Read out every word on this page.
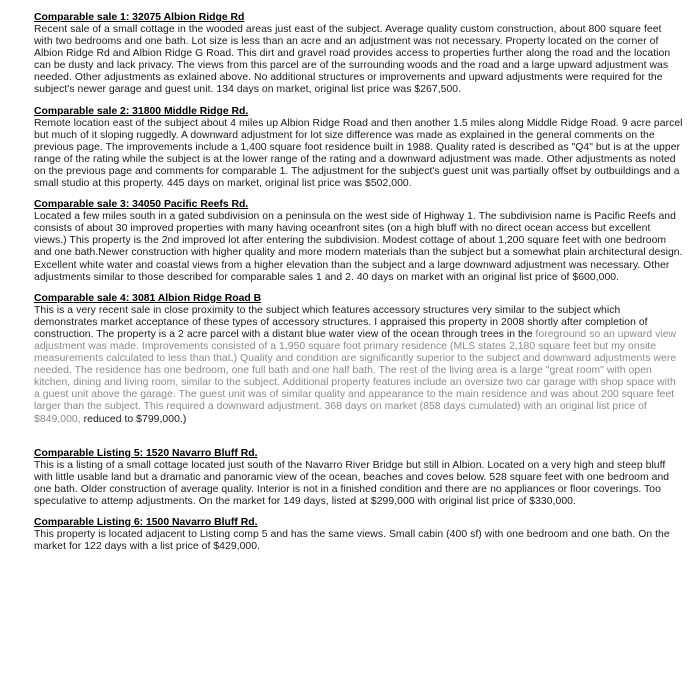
Comparable sale 1: 32075 Albion Ridge Rd

Recent sale of a small cottage in the wooded areas just east of the subject. Average quality custom construction, about 800 square feet with two bedrooms and one bath. Lot size is less than an acre and an adjustment was not necessary. Property located on the corner of Albion Ridge Rd and Albion Ridge G Road. This dirt and gravel road provides access to properties further along the road and the location can be dusty and lack privacy. The views from this parcel are of the surrounding woods and the road and a large upward adjustment was needed. Other adjustments as exlained above. No additional structures or improvements and upward adjustments were required for the subject's newer garage and guest unit. 134 days on market, original list price was $267,500.

Comparable sale 2: 31800 Middle Ridge Rd.

Remote location east of the subject about 4 miles up Albion Ridge Road and then another 1.5 miles along Middle Ridge Road. 9 acre parcel but much of it sloping ruggedly. A downward adjustment for lot size difference was made as explained in the general comments on the previous page. The improvements include a 1,400 square foot residence built in 1988. Quality rated is described as "Q4" but is at the upper range of the rating while the subject is at the lower range of the rating and a downward adjustment was made. Other adjustments as noted on the previous page and comments for comparable 1. The adjustment for the subject's guest unit was partially offset by outbuildings and a small studio at this property. 445 days on market, original list price was $502,000.

Comparable sale 3: 34050 Pacific Reefs Rd.

Located a few miles south in a gated subdivision on a peninsula on the west side of Highway 1. The subdivision name is Pacific Reefs and consists of about 30 improved properties with many having oceanfront sites (on a high bluff with no direct ocean access but excellent views.) This property is the 2nd improved lot after entering the subdivision. Modest cottage of about 1,200 square feet with one bedroom and one bath.Newer construction with higher quality and more modern materials than the subject but a somewhat plain architectural design. Excellent white water and coastal views from a higher elevation than the subject and a large downward adjustment was necessary. Other adjustments similar to those described for comparable sales 1 and 2. 40 days on market with an original list price of $600,000.

Comparable sale 4: 3081 Albion Ridge Road B

This is a very recent sale in close proximity to the subject which features accessory structures very similar to the subject which demonstrates market acceptance of these types of accessory structures. I appraised this property in 2008 shortly after completion of construction. The property is a 2 acre parcel with a distant blue water view of the ocean through trees in the foreground so an upward view adjustment was made. Improvements consisted of a 1,950 square foot primary residence (MLS states 2,180 square feet but my onsite measurements calculated to less than that.) Quality and condition are significantly superior to the subject and downward adjustments were needed. The residence has one bedroom, one full bath and one half bath. The rest of the living area is a large "great room" with open kitchen, dining and living room, similar to the subject. Additional property features include an oversize two car garage with shop space with a guest unit above the garage. The guest unit was of similar quality and appearance to the main residence and was about 200 square feet larger than the subject. This required a downward adjustment. 368 days on market (858 days cumulated) with an original list price of $849,000, reduced to $799,000.)

Comparable Listing 5: 1520 Navarro Bluff Rd.

This is a listing of a small cottage located just south of the Navarro River Bridge but still in Albion. Located on a very high and steep bluff with little usable land but a dramatic and panoramic view of the ocean, beaches and coves below. 528 square feet with one bedroom and one bath. Older construction of average quality. Interior is not in a finished condition and there are no appliances or floor coverings. Too speculative to attemp adjustments. On the market for 149 days, listed at $299,000 with original list price of $330,000.

Comparable Listing 6: 1500 Navarro Bluff Rd.

This property is located adjacent to Listing comp 5 and has the same views. Small cabin (400 sf) with one bedroom and one bath. On the market for 122 days with a list price of $429,000.
